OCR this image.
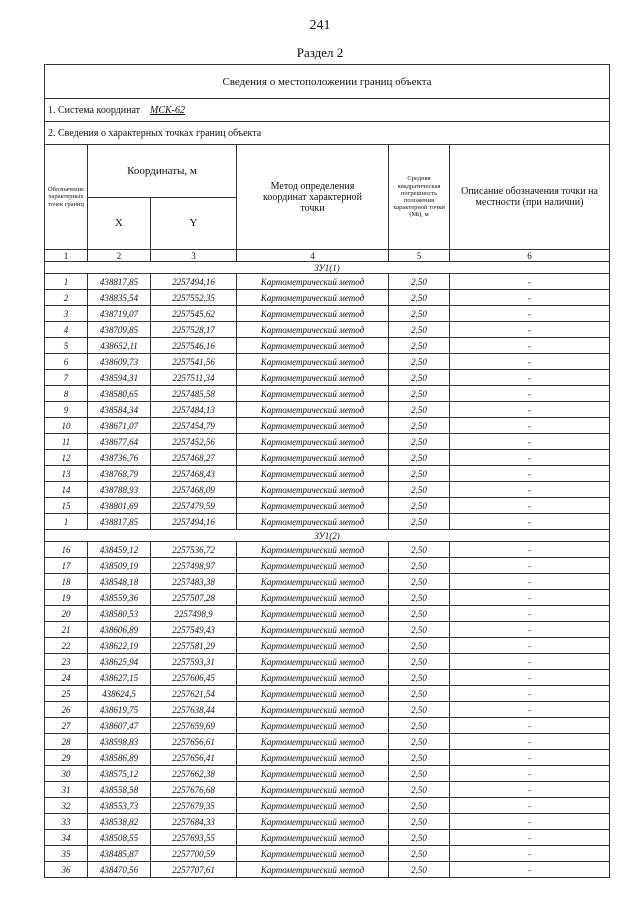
241
Раздел 2
Сведения о местоположении границ объекта					
1. Система координат МСК-62					
2. Сведения о характерных точках границ объекта					
Обозначение характерных точек границ	Координаты, м		Метод определения координат характерной точки	Средняя квадратическая погрешность положения характерной точки (Mt), м	Описание обозначения точки на местности (при наличии)
	X	Y			
1	2	3	4	5	6
ЗУ1(1)					
1	438817,85	2257494,16	Картометрический метод	2,50	-
2	438835,54	2257552,35	Картометрический метод	2,50	-
3	438719,07	2257545,62	Картометрический метод	2,50	-
4	438709,85	2257528,17	Картометрический метод	2,50	-
5	438652,11	2257546,16	Картометрический метод	2,50	-
6	438609,73	2257541,56	Картометрический метод	2,50	-
7	438594,31	2257511,34	Картометрический метод	2,50	-
8	438580,65	2257485,58	Картометрический метод	2,50	-
9	438584,34	2257484,13	Картометрический метод	2,50	-
10	438671,07	2257454,79	Картометрический метод	2,50	-
11	438677,64	2257452,56	Картометрический метод	2,50	-
12	438736,76	2257468,27	Картометрический метод	2,50	-
13	438768,79	2257468,43	Картометрический метод	2,50	-
14	438788,93	2257468,09	Картометрический метод	2,50	-
15	438801,69	2257479,59	Картометрический метод	2,50	-
1	438817,85	2257494,16	Картометрический метод	2,50	-
ЗУ1(2)					
16	438459,12	2257536,72	Картометрический метод	2,50	-
17	438509,19	2257498,97	Картометрический метод	2,50	-
18	438548,18	2257483,38	Картометрический метод	2,50	-
19	438559,36	2257507,28	Картометрический метод	2,50	-
20	438580,53	2257498,9	Картометрический метод	2,50	-
21	438606,89	2257549,43	Картометрический метод	2,50	-
22	438622,19	2257581,29	Картометрический метод	2,50	-
23	438625,94	2257593,31	Картометрический метод	2,50	-
24	438627,15	2257606,45	Картометрический метод	2,50	-
25	438624,5	2257621,54	Картометрический метод	2,50	-
26	438619,75	2257638,44	Картометрический метод	2,50	-
27	438607,47	2257659,69	Картометрический метод	2,50	-
28	438598,83	2257656,61	Картометрический метод	2,50	-
29	438586,89	2257656,41	Картометрический метод	2,50	-
30	438575,12	2257662,38	Картометрический метод	2,50	-
31	438558,58	2257676,68	Картометрический метод	2,50	-
32	438553,73	2257679,35	Картометрический метод	2,50	-
33	438538,82	2257684,33	Картометрический метод	2,50	-
34	438508,55	2257693,55	Картометрический метод	2,50	-
35	438485,87	2257700,59	Картометрический метод	2,50	-
36	438470,56	2257707,61	Картометрический метод	2,50	-
